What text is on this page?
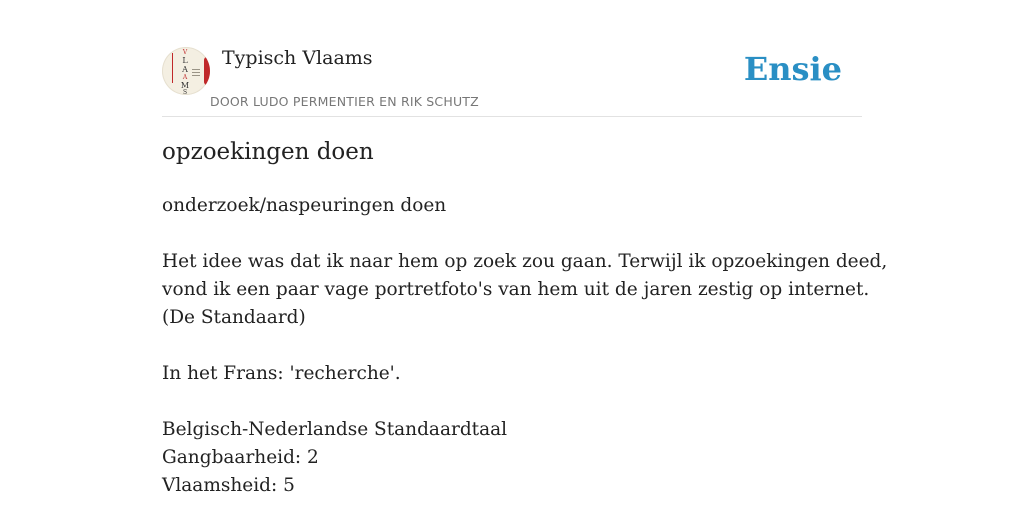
V
L
A
A
M
S
Typisch Vlaams
DOOR LUDO PERMENTIER EN RIK SCHUTZ
Ensie
opzoekingen doen

onderzoek/naspeuringen doen

Het idee was dat ik naar hem op zoek zou gaan. Terwijl ik opzoekingen deed,
vond ik een paar vage portretfoto's van hem uit de jaren zestig op internet.
(De Standaard)

In het Frans: 'recherche'.

Belgisch-Nederlandse Standaardtaal
Gangbaarheid: 2
Vlaamsheid: 5
